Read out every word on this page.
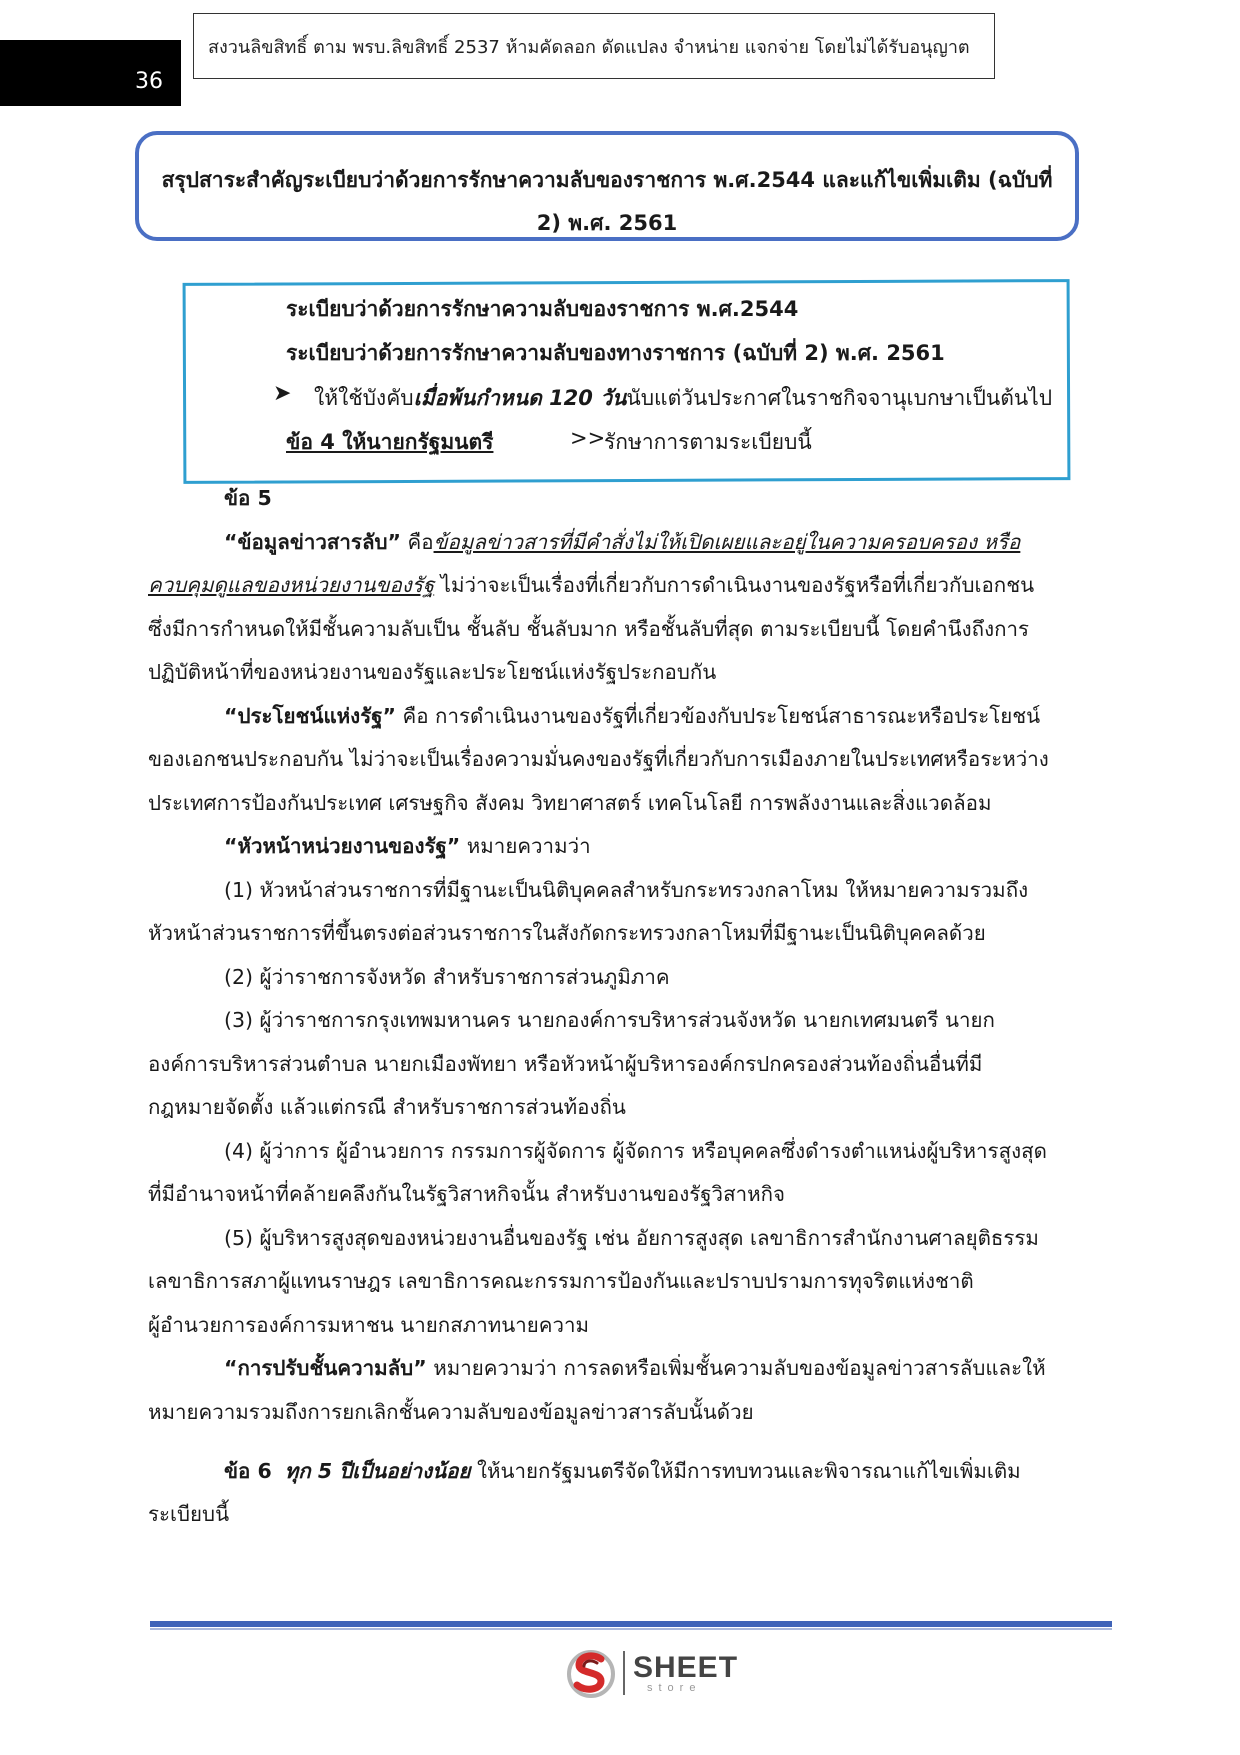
36
สงวนลิขสิทธิ์ ตาม พรบ.ลิขสิทธิ์ 2537 ห้ามคัดลอก ดัดแปลง จำหน่าย แจกจ่าย โดยไม่ได้รับอนุญาต
สรุปสาระสำคัญระเบียบว่าด้วยการรักษาความลับของราชการ พ.ศ.2544 และแก้ไขเพิ่มเติม (ฉบับที่
2) พ.ศ. 2561
ระเบียบว่าด้วยการรักษาความลับของราชการ พ.ศ.2544
ระเบียบว่าด้วยการรักษาความลับของทางราชการ (ฉบับที่ 2) พ.ศ. 2561
➤ ให้ใช้บังคับเมื่อพ้นกำหนด 120 วันนับแต่วันประกาศในราชกิจจานุเบกษาเป็นต้นไป
ข้อ 4 ให้นายกรัฐมนตรี	>>
รักษาการตามระเบียบนี้
ข้อ 5
“ข้อมูลข่าวสารลับ” คือข้อมูลข่าวสารที่มีคำสั่งไม่ให้เปิดเผยและอยู่ในความครอบครอง หรือ
ควบคุมดูแลของหน่วยงานของรัฐ ไม่ว่าจะเป็นเรื่องที่เกี่ยวกับการดำเนินงานของรัฐหรือที่เกี่ยวกับเอกชน
ซึ่งมีการกำหนดให้มีชั้นความลับเป็น ชั้นลับ ชั้นลับมาก หรือชั้นลับที่สุด ตามระเบียบนี้ โดยคำนึงถึงการ
ปฏิบัติหน้าที่ของหน่วยงานของรัฐและประโยชน์แห่งรัฐประกอบกัน
“ประโยชน์แห่งรัฐ” คือ การดำเนินงานของรัฐที่เกี่ยวข้องกับประโยชน์สาธารณะหรือประโยชน์
ของเอกชนประกอบกัน ไม่ว่าจะเป็นเรื่องความมั่นคงของรัฐที่เกี่ยวกับการเมืองภายในประเทศหรือระหว่าง
ประเทศการป้องกันประเทศ เศรษฐกิจ สังคม วิทยาศาสตร์ เทคโนโลยี การพลังงานและสิ่งแวดล้อม
“หัวหน้าหน่วยงานของรัฐ” หมายความว่า
(1) หัวหน้าส่วนราชการที่มีฐานะเป็นนิติบุคคลสำหรับกระทรวงกลาโหม ให้หมายความรวมถึง
หัวหน้าส่วนราชการที่ขึ้นตรงต่อส่วนราชการในสังกัดกระทรวงกลาโหมที่มีฐานะเป็นนิติบุคคลด้วย
(2) ผู้ว่าราชการจังหวัด สำหรับราชการส่วนภูมิภาค
(3) ผู้ว่าราชการกรุงเทพมหานคร นายกองค์การบริหารส่วนจังหวัด นายกเทศมนตรี นายก
องค์การบริหารส่วนตำบล นายกเมืองพัทยา หรือหัวหน้าผู้บริหารองค์กรปกครองส่วนท้องถิ่นอื่นที่มี
กฎหมายจัดตั้ง แล้วแต่กรณี สำหรับราชการส่วนท้องถิ่น
(4) ผู้ว่าการ ผู้อำนวยการ กรรมการผู้จัดการ ผู้จัดการ หรือบุคคลซึ่งดำรงตำแหน่งผู้บริหารสูงสุด
ที่มีอำนาจหน้าที่คล้ายคลึงกันในรัฐวิสาหกิจนั้น สำหรับงานของรัฐวิสาหกิจ
(5) ผู้บริหารสูงสุดของหน่วยงานอื่นของรัฐ เช่น อัยการสูงสุด เลขาธิการสำนักงานศาลยุติธรรม
เลขาธิการสภาผู้แทนราษฎร เลขาธิการคณะกรรมการป้องกันและปราบปรามการทุจริตแห่งชาติ
ผู้อำนวยการองค์การมหาชน นายกสภาทนายความ
“การปรับชั้นความลับ” หมายความว่า การลดหรือเพิ่มชั้นความลับของข้อมูลข่าวสารลับและให้
หมายความรวมถึงการยกเลิกชั้นความลับของข้อมูลข่าวสารลับนั้นด้วย
ข้อ 6 ทุก 5 ปีเป็นอย่างน้อย ให้นายกรัฐมนตรีจัดให้มีการทบทวนและพิจารณาแก้ไขเพิ่มเติม
ระเบียบนี้
SHEET
store
